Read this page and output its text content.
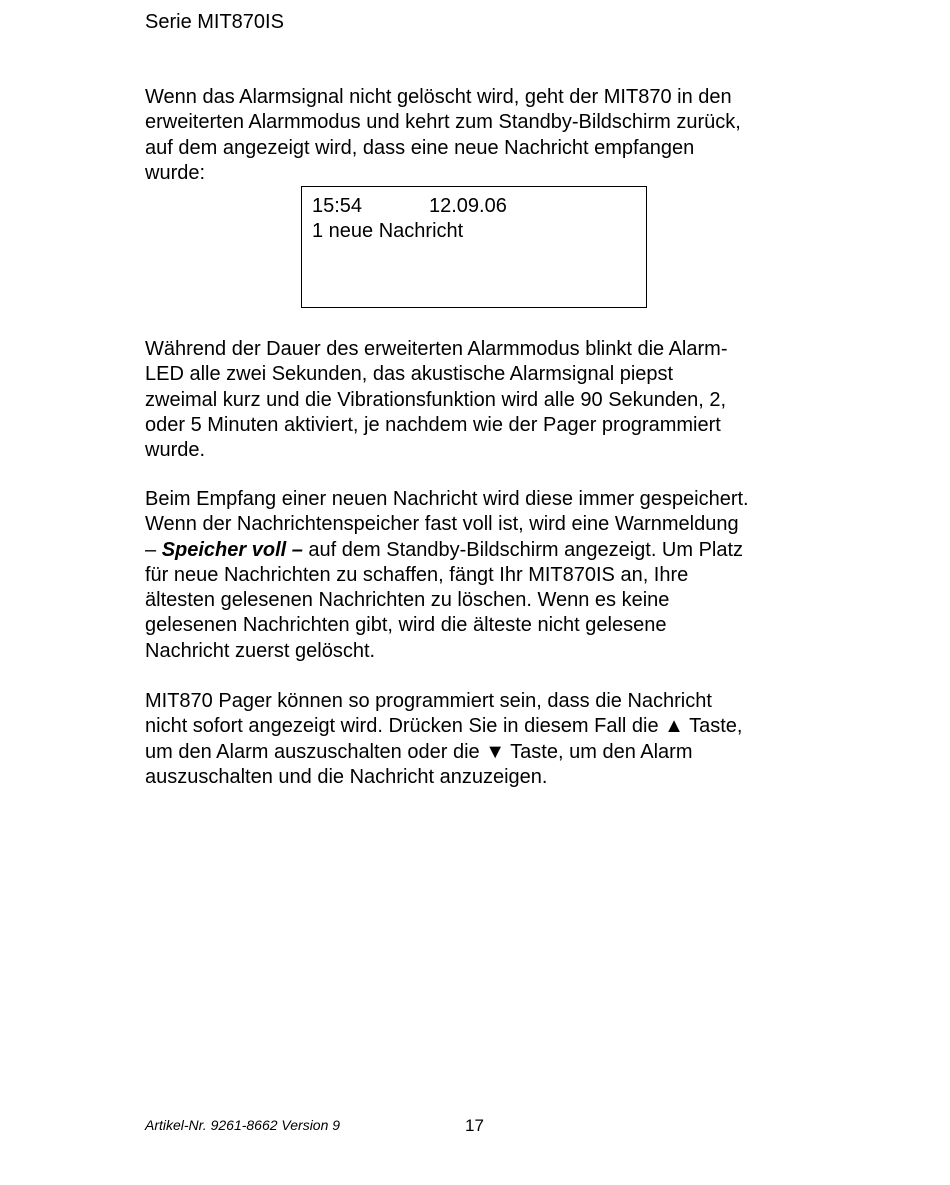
Serie MIT870IS

Wenn das Alarmsignal nicht gelöscht wird, geht der MIT870 in den
erweiterten Alarmmodus und kehrt zum Standby-Bildschirm zurück,
auf dem angezeigt wird, dass eine neue Nachricht empfangen
wurde:

15:54	12.09.06
1 neue Nachricht

Während der Dauer des erweiterten Alarmmodus blinkt die Alarm-
LED alle zwei Sekunden, das akustische Alarmsignal piepst
zweimal kurz und die Vibrationsfunktion wird alle 90 Sekunden, 2,
oder 5 Minuten aktiviert, je nachdem wie der Pager programmiert
wurde.

Beim Empfang einer neuen Nachricht wird diese immer gespeichert.
Wenn der Nachrichtenspeicher fast voll ist, wird eine Warnmeldung
– Speicher voll – auf dem Standby-Bildschirm angezeigt. Um Platz
für neue Nachrichten zu schaffen, fängt Ihr MIT870IS an, Ihre
ältesten gelesenen Nachrichten zu löschen. Wenn es keine
gelesenen Nachrichten gibt, wird die älteste nicht gelesene
Nachricht zuerst gelöscht.

MIT870 Pager können so programmiert sein, dass die Nachricht
nicht sofort angezeigt wird. Drücken Sie in diesem Fall die ▲ Taste,
um den Alarm auszuschalten oder die ▼ Taste, um den Alarm
auszuschalten und die Nachricht anzuzeigen.

Artikel-Nr. 9261-8662 Version 9	17
